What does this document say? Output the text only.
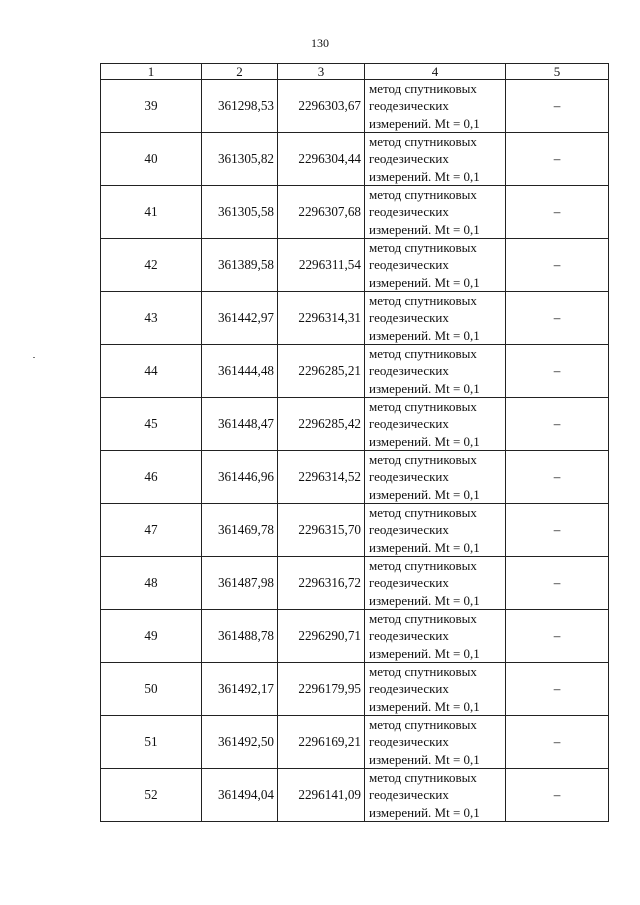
130
1	2	3	4	5
39	361298,53	2296303,67	метод спутниковых
геодезических
измерений. Mt = 0,1	–
40	361305,82	2296304,44	метод спутниковых
геодезических
измерений. Mt = 0,1	–
41	361305,58	2296307,68	метод спутниковых
геодезических
измерений. Mt = 0,1	–
42	361389,58	2296311,54	метод спутниковых
геодезических
измерений. Mt = 0,1	–
43	361442,97	2296314,31	метод спутниковых
геодезических
измерений. Mt = 0,1	–
44	361444,48	2296285,21	метод спутниковых
геодезических
измерений. Mt = 0,1	–
45	361448,47	2296285,42	метод спутниковых
геодезических
измерений. Mt = 0,1	–
46	361446,96	2296314,52	метод спутниковых
геодезических
измерений. Mt = 0,1	–
47	361469,78	2296315,70	метод спутниковых
геодезических
измерений. Mt = 0,1	–
48	361487,98	2296316,72	метод спутниковых
геодезических
измерений. Mt = 0,1	–
49	361488,78	2296290,71	метод спутниковых
геодезических
измерений. Mt = 0,1	–
50	361492,17	2296179,95	метод спутниковых
геодезических
измерений. Mt = 0,1	–
51	361492,50	2296169,21	метод спутниковых
геодезических
измерений. Mt = 0,1	–
52	361494,04	2296141,09	метод спутниковых
геодезических
измерений. Mt = 0,1	–
